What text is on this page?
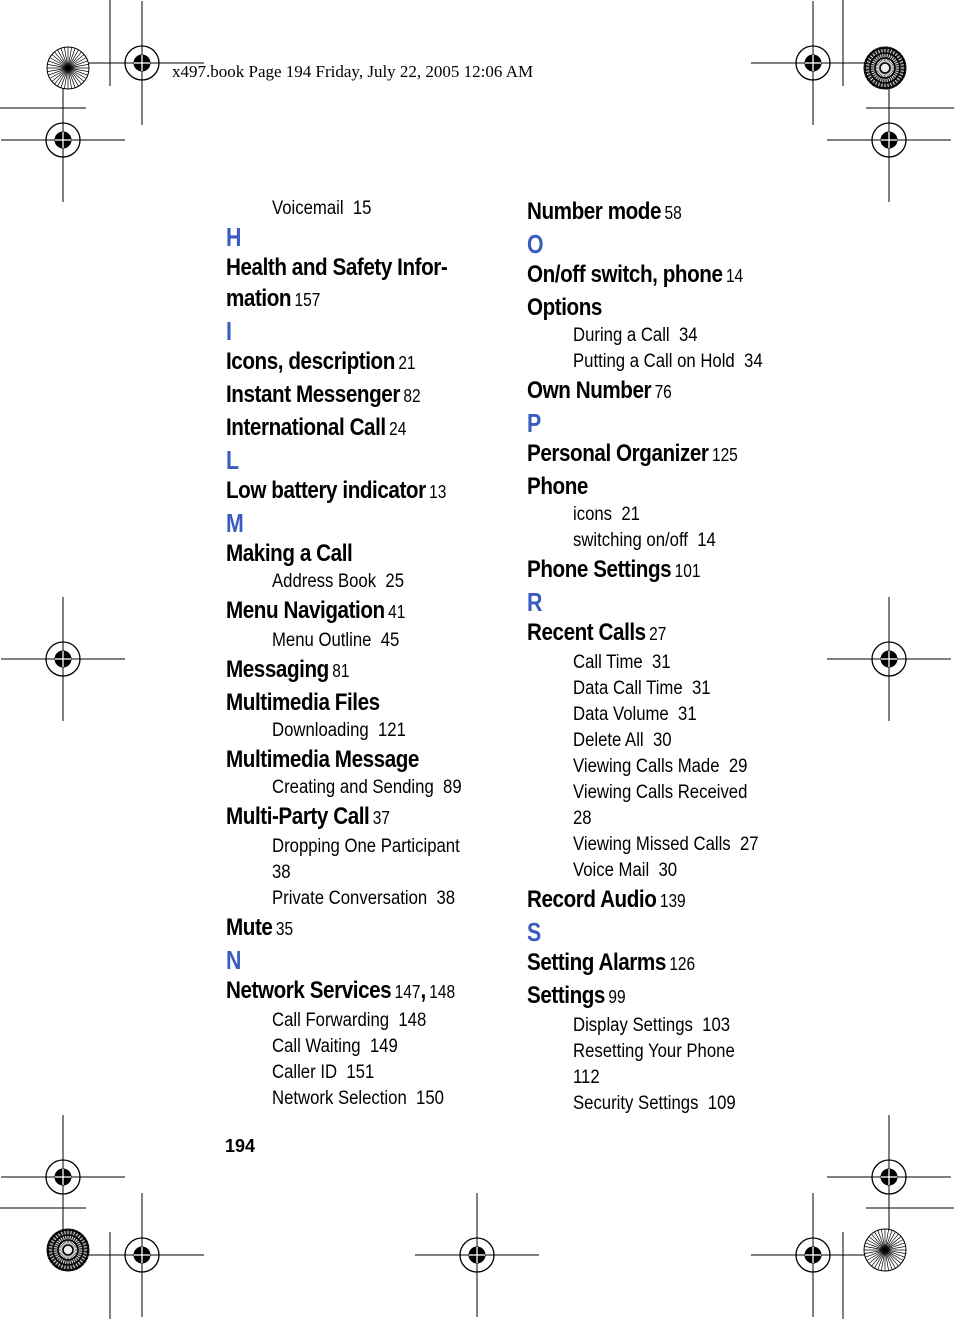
x497.book Page 194 Friday, July 22, 2005 12:06 AM
Voicemail 15
H
Health and Safety Infor-
mation 157
I
Icons, description 21
Instant Messenger 82
International Call 24
L
Low battery indicator 13
M
Making a Call
Address Book 25
Menu Navigation 41
Menu Outline 45
Messaging 81
Multimedia Files
Downloading 121
Multimedia Message
Creating and Sending 89
Multi-Party Call 37
Dropping One Participant
38
Private Conversation 38
Mute 35
N
Network Services 147, 148
Call Forwarding 148
Call Waiting 149
Caller ID 151
Network Selection 150
Number mode 58
O
On/off switch, phone 14
Options
During a Call 34
Putting a Call on Hold 34
Own Number 76
P
Personal Organizer 125
Phone
icons 21
switching on/off 14
Phone Settings 101
R
Recent Calls 27
Call Time 31
Data Call Time 31
Data Volume 31
Delete All 30
Viewing Calls Made 29
Viewing Calls Received
28
Viewing Missed Calls 27
Voice Mail 30
Record Audio 139
S
Setting Alarms 126
Settings 99
Display Settings 103
Resetting Your Phone
112
Security Settings 109
194
